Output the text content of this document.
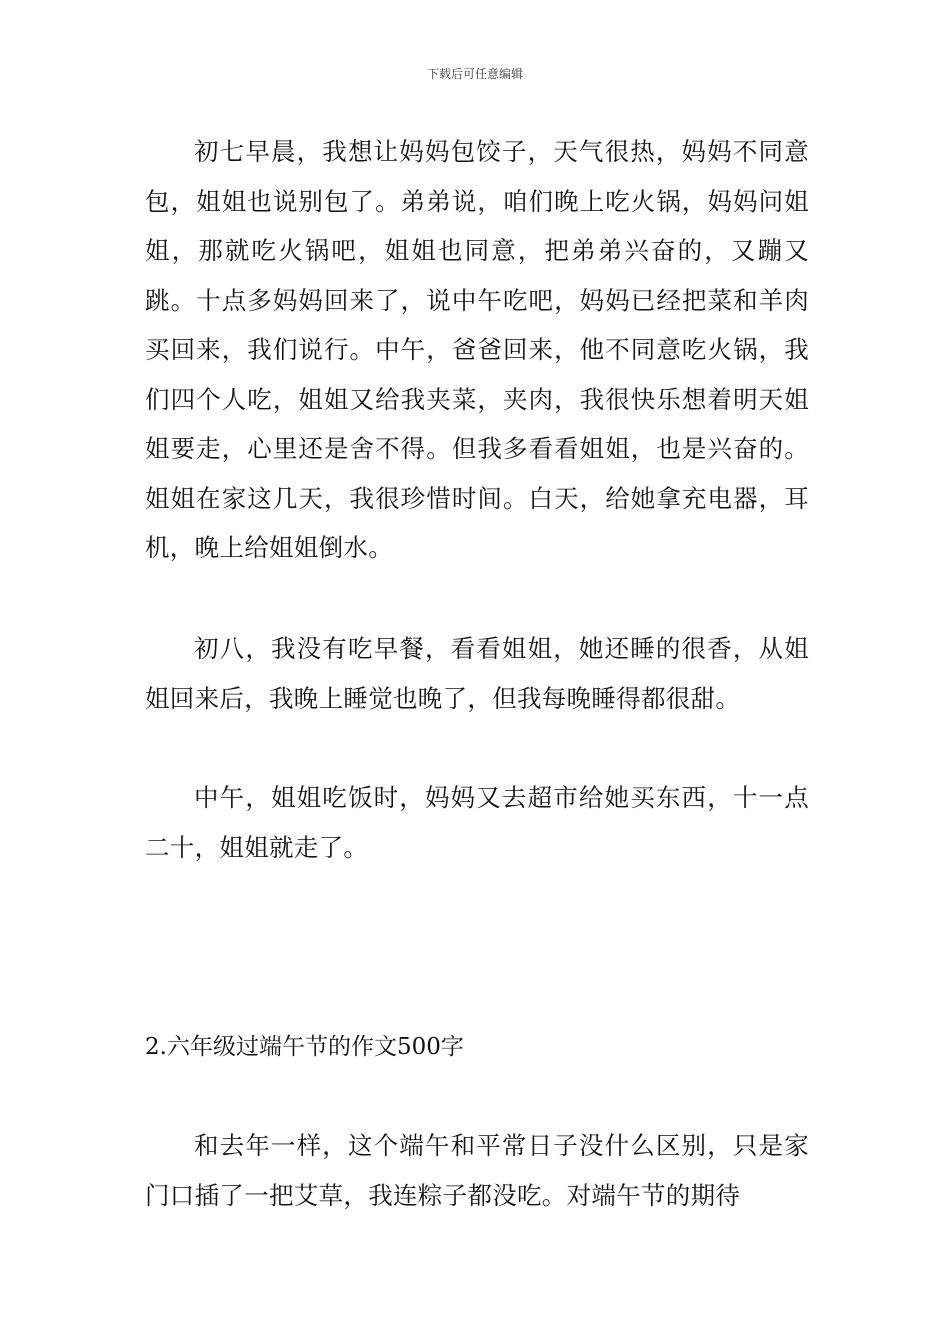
下载后可任意编辑

初七早晨，我想让妈妈包饺子，天气很热，妈妈不同意包，姐姐也说别包了。弟弟说，咱们晚上吃火锅，妈妈问姐姐，那就吃火锅吧，姐姐也同意，把弟弟兴奋的，又蹦又跳。十点多妈妈回来了，说中午吃吧，妈妈已经把菜和羊肉买回来，我们说行。中午，爸爸回来，他不同意吃火锅，我们四个人吃，姐姐又给我夹菜，夹肉，我很快乐想着明天姐姐要走，心里还是舍不得。但我多看看姐姐，也是兴奋的。姐姐在家这几天，我很珍惜时间。白天，给她拿充电器，耳机，晚上给姐姐倒水。

初八，我没有吃早餐，看看姐姐，她还睡的很香，从姐姐回来后，我晚上睡觉也晚了，但我每晚睡得都很甜。

中午，姐姐吃饭时，妈妈又去超市给她买东西，十一点二十，姐姐就走了。

2.六年级过端午节的作文500字

和去年一样，这个端午和平常日子没什么区别，只是家门口插了一把艾草，我连粽子都没吃。对端午节的期待
